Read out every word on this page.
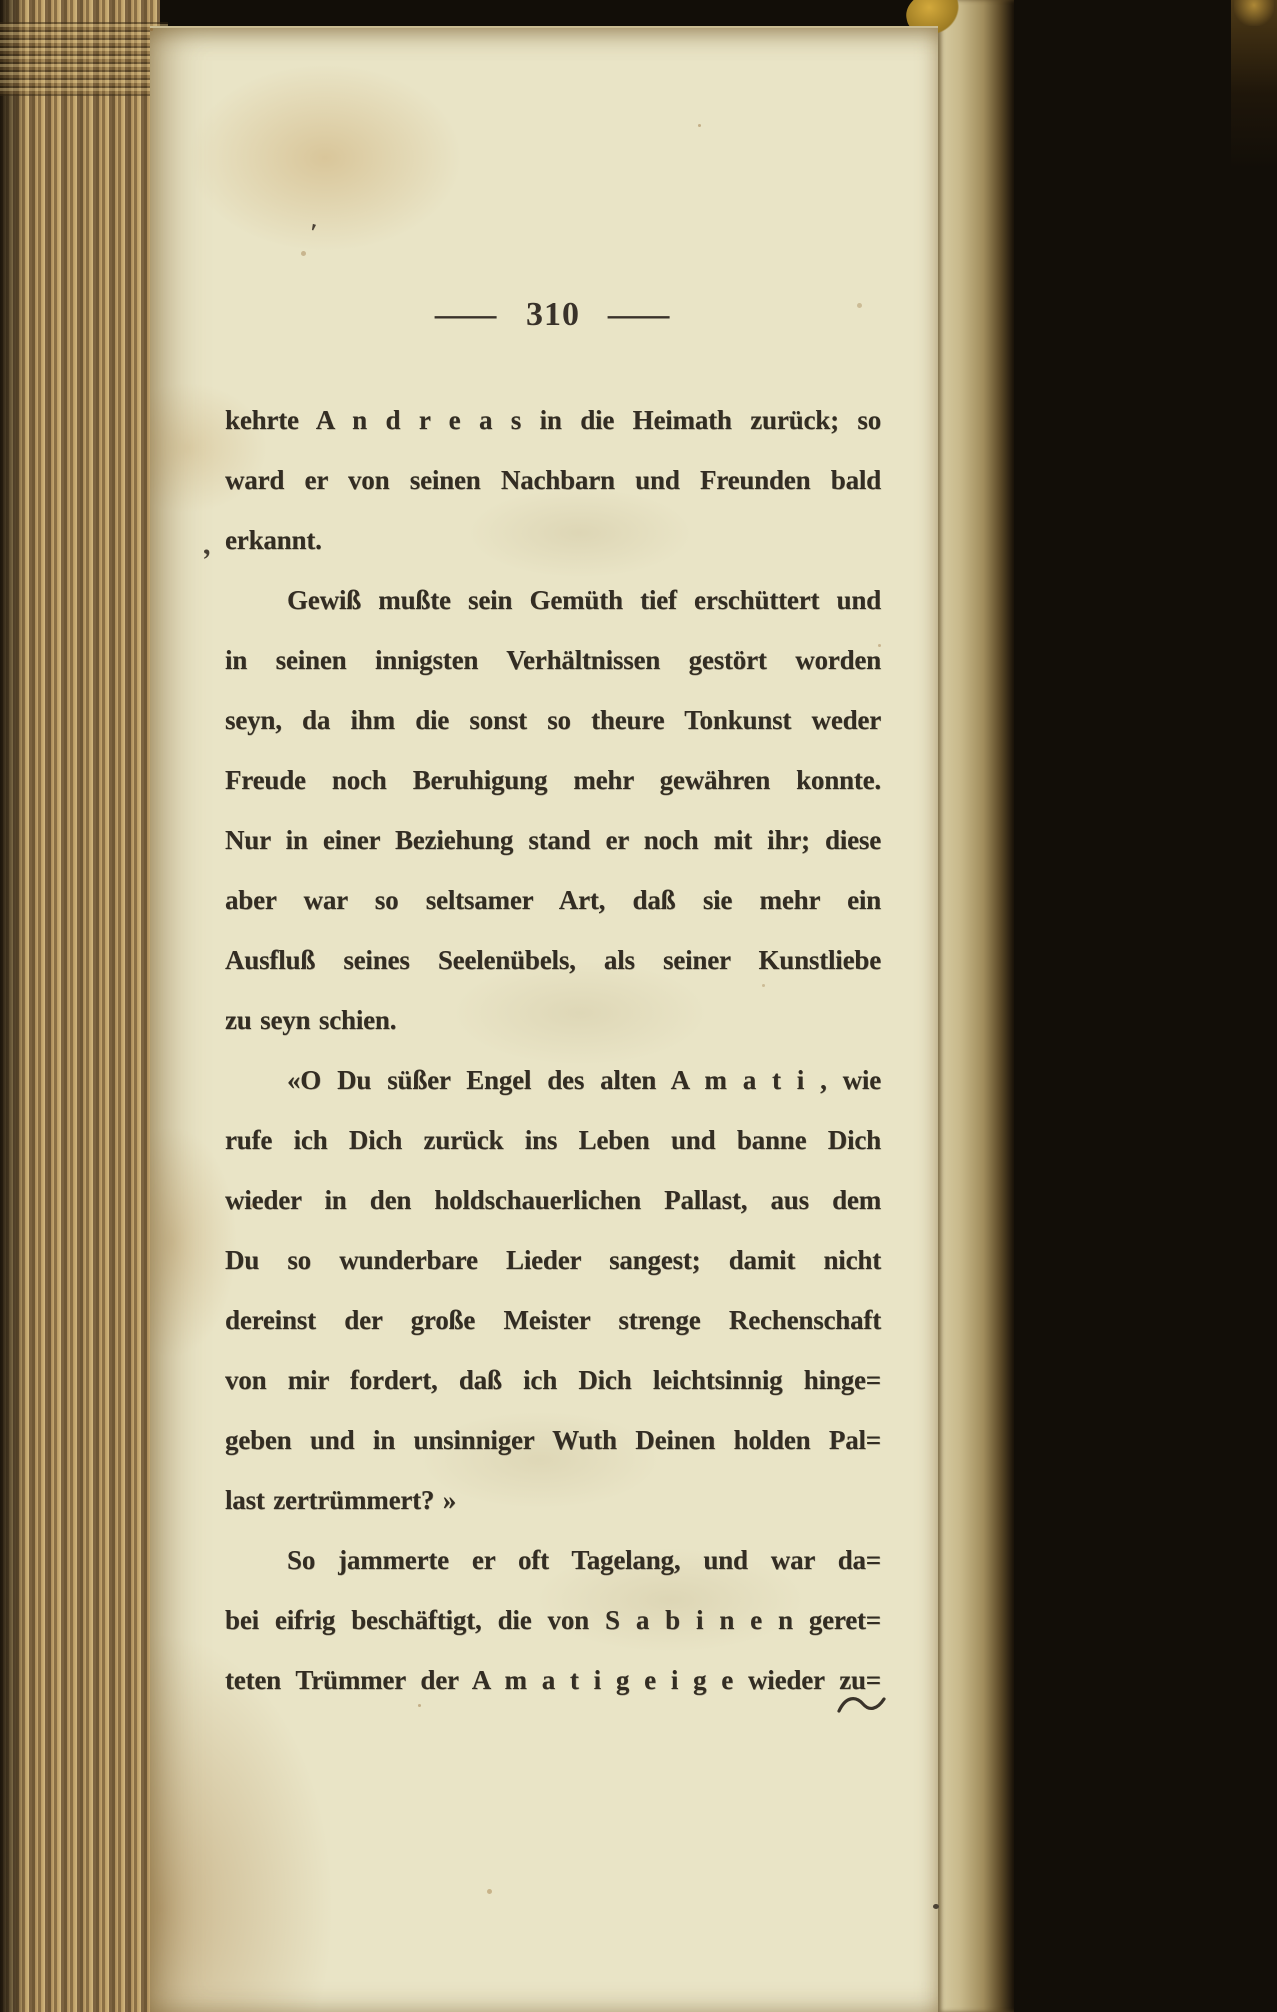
— 310 —
kehrte A n d r e a s in die Heimath zurück; so
ward er von seinen Nachbarn und Freunden bald
erkannt.
Gewiß mußte sein Gemüth tief erschüttert und
in seinen innigsten Verhältnissen gestört worden
seyn, da ihm die sonst so theure Tonkunst weder
Freude noch Beruhigung mehr gewähren konnte.
Nur in einer Beziehung stand er noch mit ihr; diese
aber war so seltsamer Art, daß sie mehr ein
Ausfluß seines Seelenübels, als seiner Kunstliebe
zu seyn schien.
«O Du süßer Engel des alten A m a t i , wie
rufe ich Dich zurück ins Leben und banne Dich
wieder in den holdschauerlichen Pallast, aus dem
Du so wunderbare Lieder sangest; damit nicht
dereinst der große Meister strenge Rechenschaft
von mir fordert, daß ich Dich leichtsinnig hinge=
geben und in unsinniger Wuth Deinen holden Pal=
last zertrümmert? »
So jammerte er oft Tagelang, und war da=
bei eifrig beschäftigt, die von S a b i n e n geret=
teten Trümmer der A m a t i g e i g e wieder zu=
'
,
